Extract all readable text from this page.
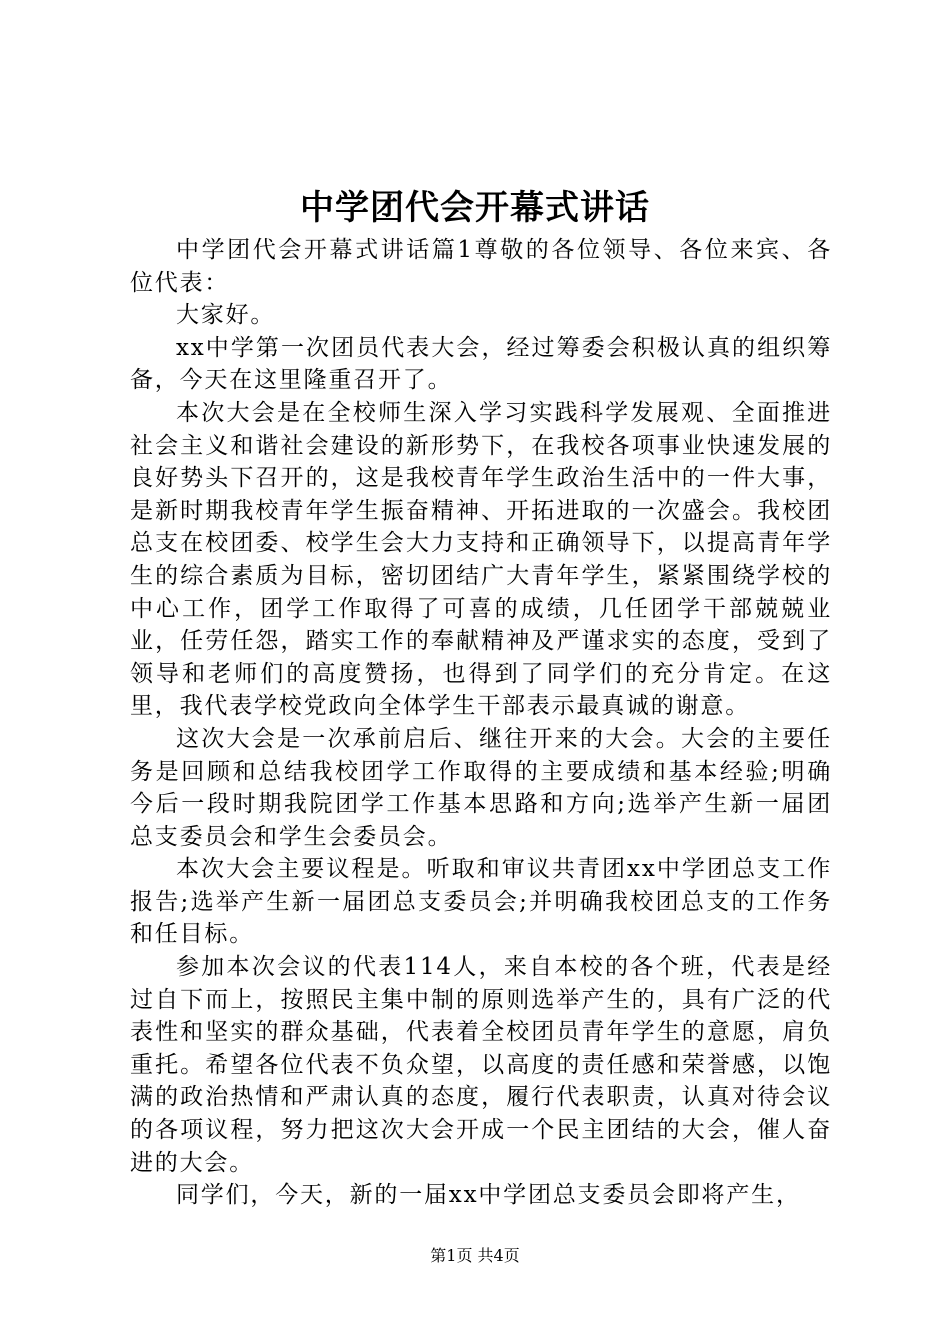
中学团代会开幕式讲话

中学团代会开幕式讲话篇1尊敬的各位领导、各位来宾、各位代表：

大家好。

xx中学第一次团员代表大会，经过筹委会积极认真的组织筹备，今天在这里隆重召开了。

本次大会是在全校师生深入学习实践科学发展观、全面推进社会主义和谐社会建设的新形势下，在我校各项事业快速发展的良好势头下召开的，这是我校青年学生政治生活中的一件大事，是新时期我校青年学生振奋精神、开拓进取的一次盛会。我校团总支在校团委、校学生会大力支持和正确领导下，以提高青年学生的综合素质为目标，密切团结广大青年学生，紧紧围绕学校的中心工作，团学工作取得了可喜的成绩，几任团学干部兢兢业业，任劳任怨，踏实工作的奉献精神及严谨求实的态度，受到了领导和老师们的高度赞扬，也得到了同学们的充分肯定。在这里，我代表学校党政向全体学生干部表示最真诚的谢意。

这次大会是一次承前启后、继往开来的大会。大会的主要任务是回顾和总结我校团学工作取得的主要成绩和基本经验;明确今后一段时期我院团学工作基本思路和方向;选举产生新一届团总支委员会和学生会委员会。

本次大会主要议程是。听取和审议共青团xx中学团总支工作报告;选举产生新一届团总支委员会;并明确我校团总支的工作务和任目标。

参加本次会议的代表114人，来自本校的各个班，代表是经过自下而上，按照民主集中制的原则选举产生的，具有广泛的代表性和坚实的群众基础，代表着全校团员青年学生的意愿，肩负重托。希望各位代表不负众望，以高度的责任感和荣誉感，以饱满的政治热情和严肃认真的态度，履行代表职责，认真对待会议的各项议程，努力把这次大会开成一个民主团结的大会，催人奋进的大会。

同学们，今天，新的一届xx中学团总支委员会即将产生，

第1页 共4页
